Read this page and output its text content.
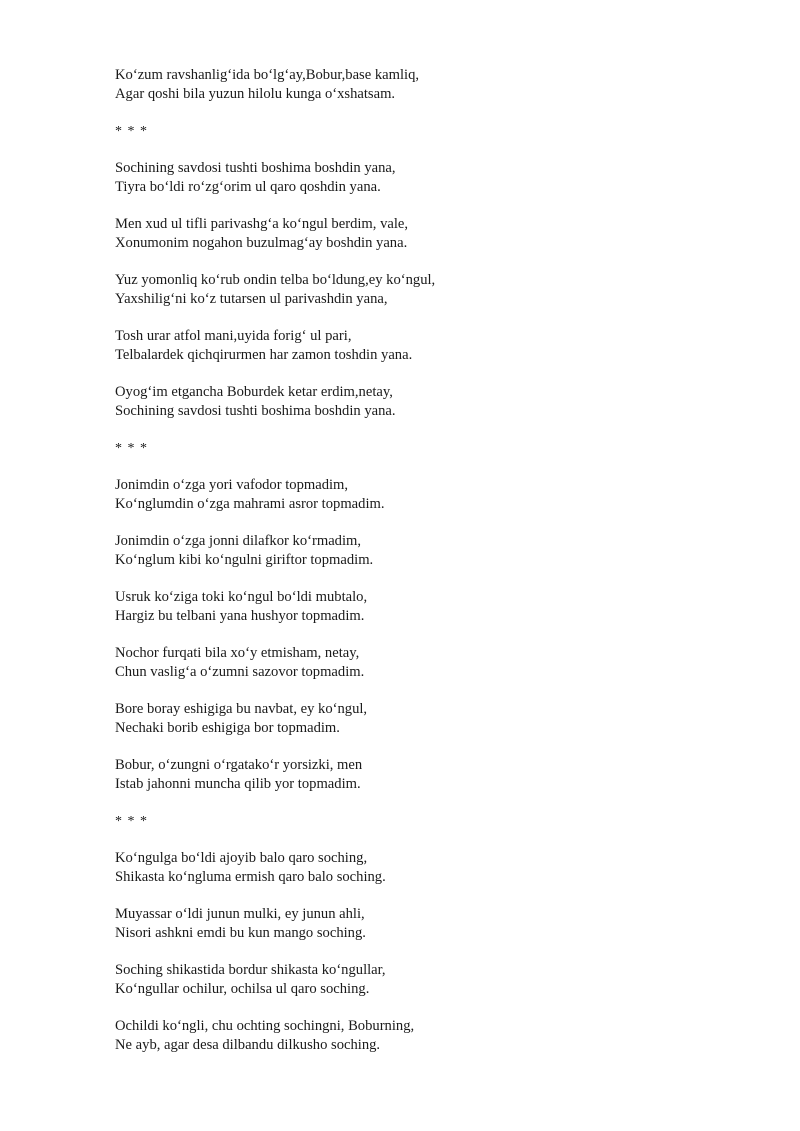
Ko‘zum ravshanlig‘ida bo‘lg‘ay,Bobur,base kamliq,
Agar qoshi bila yuzun hilolu kunga o‘xshatsam.
* * *
Sochining savdosi tushti boshima boshdin yana,
Tiyra bo‘ldi ro‘zg‘orim ul qaro qoshdin yana.
Men xud ul tifli parivashg‘a ko‘ngul berdim, vale,
Xonumonim nogahon buzulmag‘ay boshdin yana.
Yuz yomonliq ko‘rub ondin telba bo‘ldung,ey ko‘ngul,
Yaxshilig‘ni ko‘z tutarsen ul parivashdin yana,
Tosh urar atfol mani,uyida forig‘ ul pari,
Telbalardek qichqirurmen har zamon toshdin yana.
Oyog‘im etgancha Boburdek ketar erdim,netay,
Sochining savdosi tushti boshima boshdin yana.
* * *
Jonimdin o‘zga yori vafodor topmadim,
Ko‘nglumdin o‘zga mahrami asror topmadim.
Jonimdin o‘zga jonni dilafkor ko‘rmadim,
Ko‘nglum kibi ko‘ngulni giriftor topmadim.
Usruk ko‘ziga toki ko‘ngul bo‘ldi mubtalo,
Hargiz bu telbani yana hushyor topmadim.
Nochor furqati bila xo‘y etmisham, netay,
Chun vaslig‘a o‘zumni sazovor topmadim.
Bore boray eshigiga bu navbat, ey ko‘ngul,
Nechaki borib eshigiga bor topmadim.
Bobur, o‘zungni o‘rgatako‘r yorsizki, men
Istab jahonni muncha qilib yor topmadim.
* * *
Ko‘ngulga bo‘ldi ajoyib balo qaro soching,
Shikasta ko‘ngluma ermish qaro balo soching.
Muyassar o‘ldi junun mulki, ey junun ahli,
Nisori ashkni emdi bu kun mango soching.
Soching shikastida bordur shikasta ko‘ngullar,
Ko‘ngullar ochilur, ochilsa ul qaro soching.
Ochildi ko‘ngli, chu ochting sochingni, Boburning,
Ne ayb, agar desa dilbandu dilkusho soching.
